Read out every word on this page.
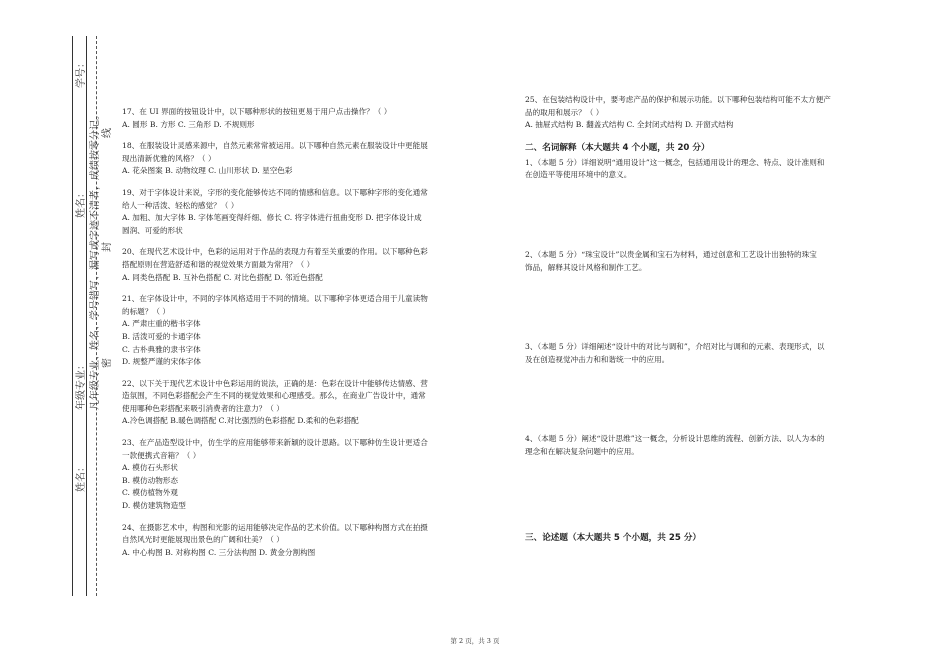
姓名：
年级专业： 凡年级专业、姓名、学号错写、漏写或字迹不清者，成绩按零分记。
姓名：
学号：
密
封
线

17、在 UI 界面的按钮设计中，以下哪种形状的按钮更易于用户点击操作？（ ）

A. 圆形 B. 方形 C. 三角形 D. 不规则形

18、在服装设计灵感来源中，自然元素常常被运用。以下哪种自然元素在服装设计中更能展

现出清新优雅的风格？（ ）

A. 花朵图案 B. 动物纹理 C. 山川形状 D. 星空色彩

19、对于字体设计来说，字形的变化能够传达不同的情感和信息。以下哪种字形的变化通常

给人一种活泼、轻松的感觉？（ ）

A. 加粗、加大字体 B. 字体笔画变得纤细、修长 C. 将字体进行扭曲变形 D. 把字体设计成

圆润、可爱的形状

20、在现代艺术设计中，色彩的运用对于作品的表现力有着至关重要的作用。以下哪种色彩

搭配原则在营造舒适和谐的视觉效果方面最为常用？（ ）

A. 同类色搭配 B. 互补色搭配 C. 对比色搭配 D. 邻近色搭配

21、在字体设计中，不同的字体风格适用于不同的情境。以下哪种字体更适合用于儿童读物

的标题？（ ）

A. 严肃庄重的楷书字体

B. 活泼可爱的卡通字体

C. 古朴典雅的隶书字体

D. 规整严谨的宋体字体

22、以下关于现代艺术设计中色彩运用的说法，正确的是：色彩在设计中能够传达情感、营

造氛围，不同色彩搭配会产生不同的视觉效果和心理感受。那么，在商业广告设计中，通常

使用哪种色彩搭配来吸引消费者的注意力？（ ）

A.冷色调搭配 B.暖色调搭配 C.对比强烈的色彩搭配 D.柔和的色彩搭配

23、在产品造型设计中，仿生学的应用能够带来新颖的设计思路。以下哪种仿生设计更适合

一款便携式音箱？（ ）

A. 模仿石头形状

B. 模仿动物形态

C. 模仿植物外观

D. 模仿建筑物造型

24、在摄影艺术中，构图和光影的运用能够决定作品的艺术价值。以下哪种构图方式在拍摄

自然风光时更能展现出景色的广阔和壮美？（ ）

A. 中心构图 B. 对称构图 C. 三分法构图 D. 黄金分割构图

25、在包装结构设计中，要考虑产品的保护和展示功能。以下哪种包装结构可能不太方便产

品的取用和展示？（ ）

A. 抽屉式结构 B. 翻盖式结构 C. 全封闭式结构 D. 开窗式结构

二、名词解释（本大题共 4 个小题，共 20 分）

1、（本题 5 分）详细说明“通用设计”这一概念，包括通用设计的理念、特点、设计准则和

在创造平等使用环境中的意义。

2、（本题 5 分）“珠宝设计”以贵金属和宝石为材料，通过创意和工艺设计出独特的珠宝

饰品，解释其设计风格和制作工艺。

3、（本题 5 分）详细阐述“设计中的对比与调和”，介绍对比与调和的元素、表现形式，以

及在创造视觉冲击力和和谐统一中的应用。

4、（本题 5 分）阐述“设计思维”这一概念，分析设计思维的流程、创新方法、以人为本的

理念和在解决复杂问题中的应用。

三、论述题（本大题共 5 个小题，共 25 分）
第 2 页，共 3 页
